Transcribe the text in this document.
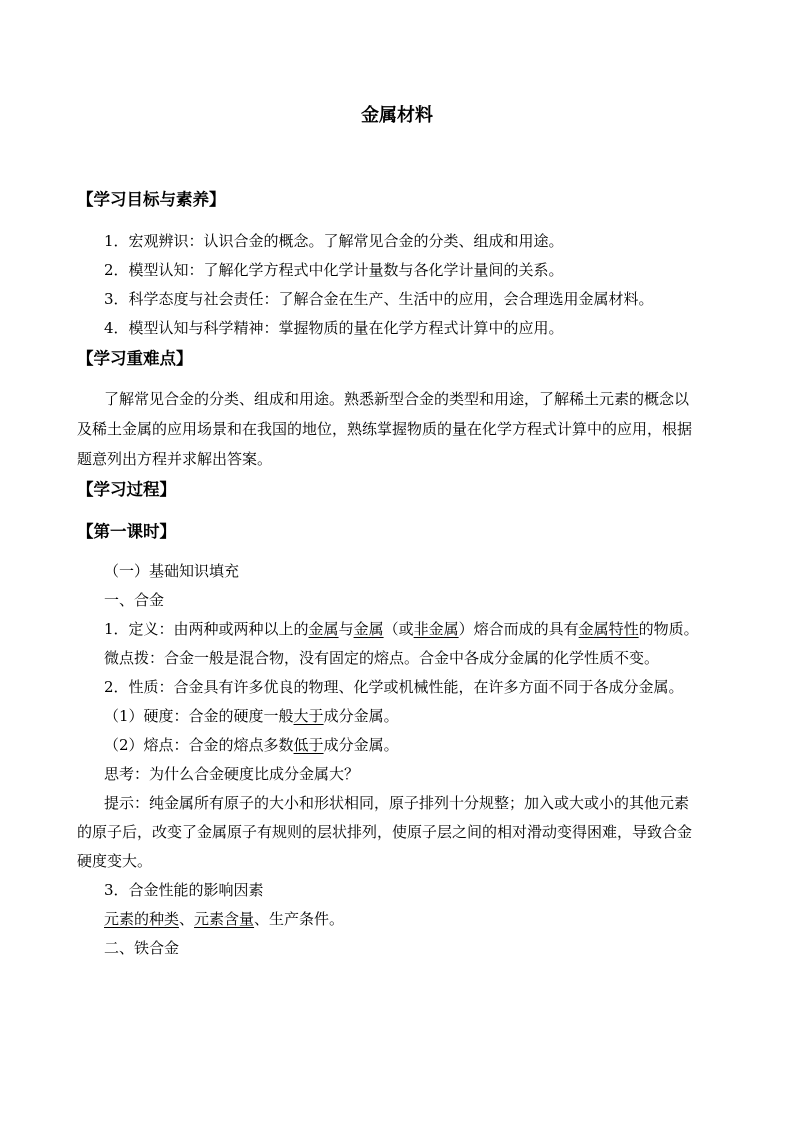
金属材料
【学习目标与素养】
1．宏观辨识：认识合金的概念。了解常见合金的分类、组成和用途。
2．模型认知：了解化学方程式中化学计量数与各化学计量间的关系。
3．科学态度与社会责任：了解合金在生产、生活中的应用，会合理选用金属材料。
4．模型认知与科学精神：掌握物质的量在化学方程式计算中的应用。
【学习重难点】
了解常见合金的分类、组成和用途。熟悉新型合金的类型和用途，了解稀土元素的概念以
及稀土金属的应用场景和在我国的地位，熟练掌握物质的量在化学方程式计算中的应用，根据
题意列出方程并求解出答案。
【学习过程】
【第一课时】
（一）基础知识填充
一、合金
1．定义：由两种或两种以上的金属与金属（或非金属）熔合而成的具有金属特性的物质。
微点拨：合金一般是混合物，没有固定的熔点。合金中各成分金属的化学性质不变。
2．性质：合金具有许多优良的物理、化学或机械性能，在许多方面不同于各成分金属。
（1）硬度：合金的硬度一般大于成分金属。
（2）熔点：合金的熔点多数低于成分金属。
思考：为什么合金硬度比成分金属大？
提示：纯金属所有原子的大小和形状相同，原子排列十分规整；加入或大或小的其他元素
的原子后，改变了金属原子有规则的层状排列，使原子层之间的相对滑动变得困难，导致合金
硬度变大。
3．合金性能的影响因素
元素的种类、元素含量、生产条件。
二、铁合金
